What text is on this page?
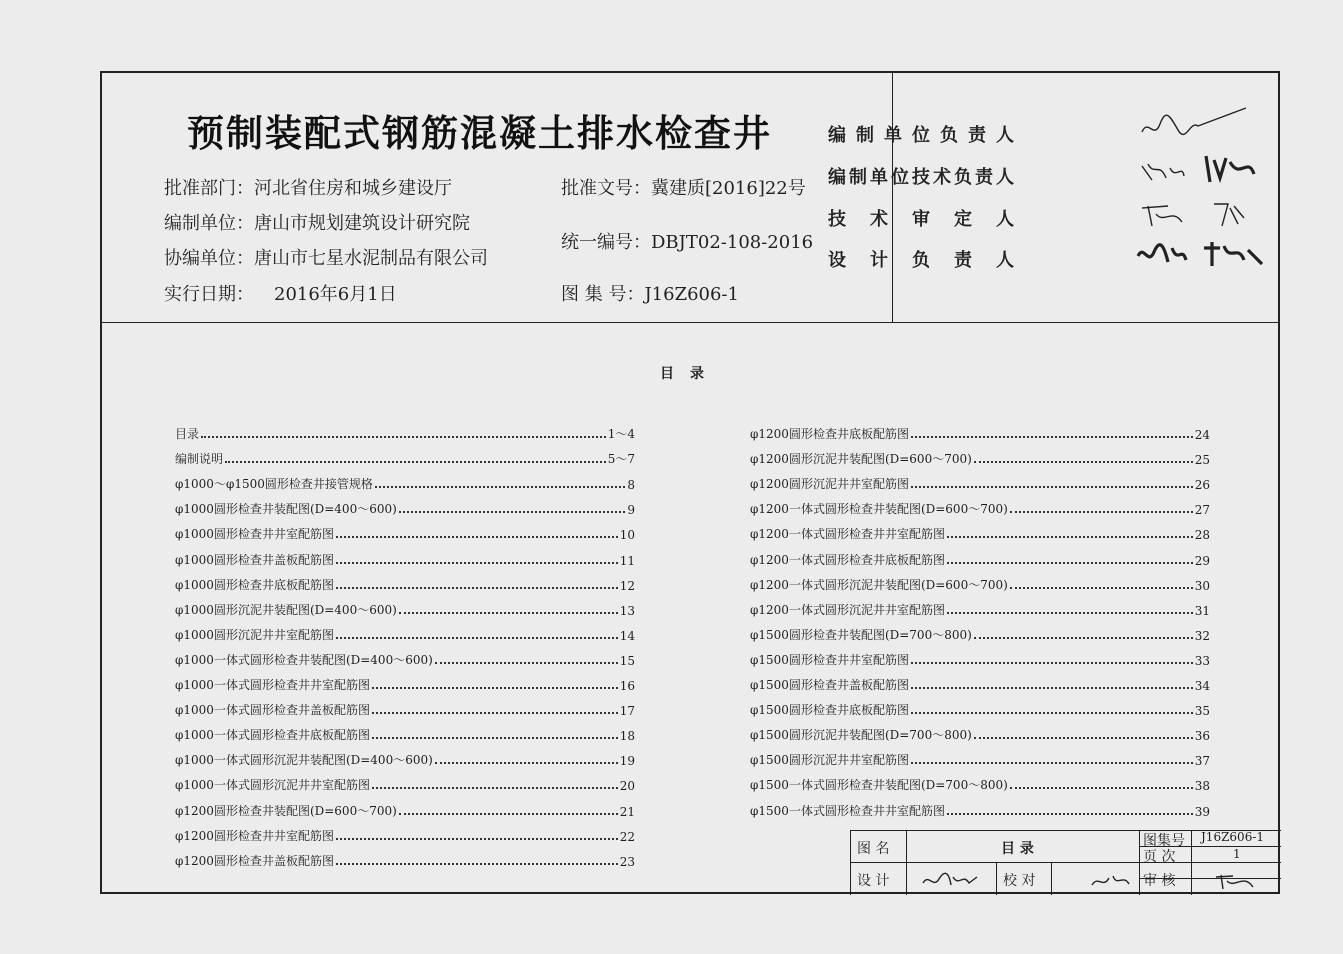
预制装配式钢筋混凝土排水检查井
批准部门：河北省住房和城乡建设厅
编制单位：唐山市规划建筑设计研究院
协编单位：唐山市七星水泥制品有限公司
实行日期： 2016年6月1日
批准文号：冀建质[2016]22号
统一编号：DBJT02-108-2016
图 集 号：J16Z606-1
目录
目录	1～4
编制说明	5～7
φ1000～φ1500圆形检查井接管规格	8
φ1000圆形检查井装配图(D=400～600)	9
φ1000圆形检查井井室配筋图	10
φ1000圆形检查井盖板配筋图	11
φ1000圆形检查井底板配筋图	12
φ1000圆形沉泥井装配图(D=400～600)	13
φ1000圆形沉泥井井室配筋图	14
φ1000一体式圆形检查井装配图(D=400～600)	15
φ1000一体式圆形检查井井室配筋图	16
φ1000一体式圆形检查井盖板配筋图	17
φ1000一体式圆形检查井底板配筋图	18
φ1000一体式圆形沉泥井装配图(D=400～600)	19
φ1000一体式圆形沉泥井井室配筋图	20
φ1200圆形检查井装配图(D=600～700)	21
φ1200圆形检查井井室配筋图	22
φ1200圆形检查井盖板配筋图	23
φ1200圆形检查井底板配筋图	24
φ1200圆形沉泥井装配图(D=600～700)	25
φ1200圆形沉泥井井室配筋图	26
φ1200一体式圆形检查井装配图(D=600～700)	27
φ1200一体式圆形检查井井室配筋图	28
φ1200一体式圆形检查井底板配筋图	29
φ1200一体式圆形沉泥井装配图(D=600～700)	30
φ1200一体式圆形沉泥井井室配筋图	31
φ1500圆形检查井装配图(D=700～800)	32
φ1500圆形检查井井室配筋图	33
φ1500圆形检查井盖板配筋图	34
φ1500圆形检查井底板配筋图	35
φ1500圆形沉泥井装配图(D=700～800)	36
φ1500圆形沉泥井井室配筋图	37
φ1500一体式圆形检查井装配图(D=700～800)	38
φ1500一体式圆形检查井井室配筋图	39
图 名	目 录	图集号 J16Z606-1
页 次	1
设 计	校 对	审 核
编制单位负责人
编制单位技术负责人
技术审定人
设计负责人
